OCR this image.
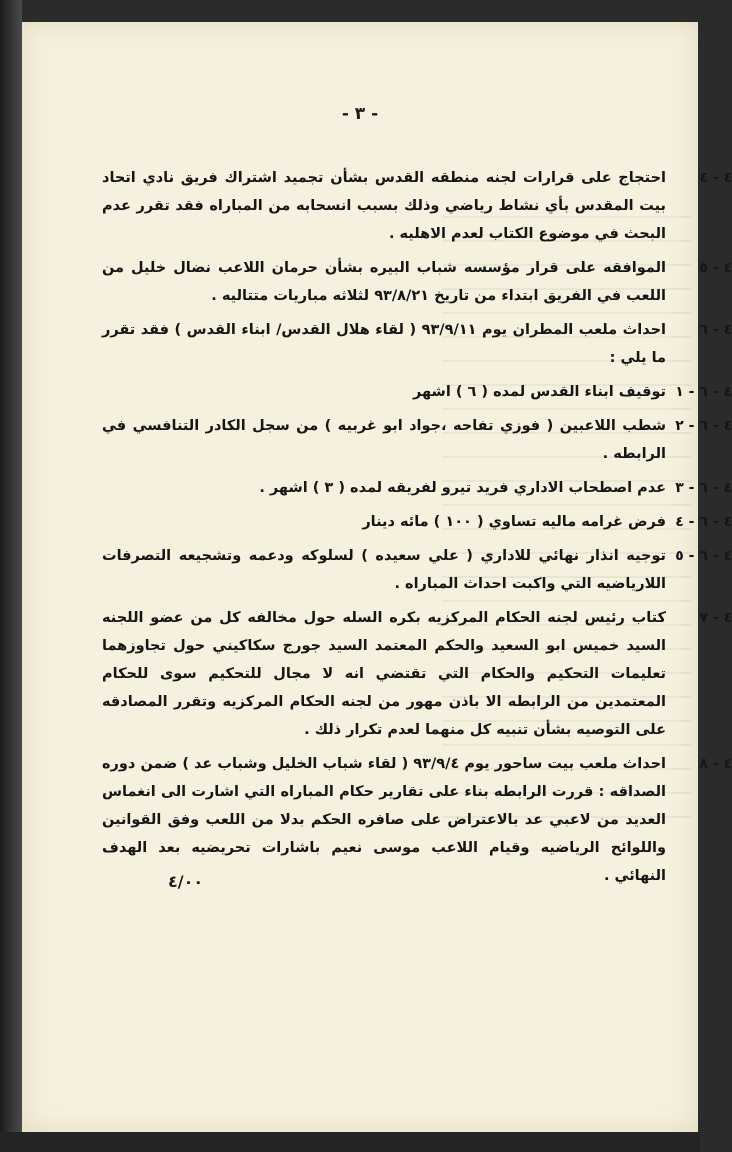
- ٣ -
٤ - ٤
احتجاج على قرارات لجنه منطقه القدس بشأن تجميد اشتراك فريق نادي اتحاد بيت المقدس بأي نشاط رياضي وذلك بسبب انسحابه من المباراه فقد تقرر عدم البحث في موضوع الكتاب لعدم الاهليه .
٤ - ٥
الموافقه على قرار مؤسسه شباب البيره بشأن حرمان اللاعب نضال خليل من اللعب في الفريق ابتداء من تاريخ ٩٣/٨/٢١ لثلاثه مباريات متتاليه .
٤ - ٦
احداث ملعب المطران يوم ٩٣/٩/١١ ( لقاء هلال القدس/ ابناء القدس ) فقد تقرر ما يلي :
٤ - ٦ - ١
توقيف ابناء القدس لمده ( ٦ ) اشهر
٤ - ٦ - ٢
شطب اللاعبين ( فوزي تفاحه ،جواد ابو غربيه ) من سجل الكادر التنافسي في الرابطه .
٤ - ٦ - ٣
عدم اصطحاب الاداري فريد تيرو لفريقه لمده ( ٣ ) اشهر .
٤ - ٦ - ٤
فرض غرامه ماليه تساوي ( ١٠٠ ) مائه دينار
٤ - ٦ - ٥
توجيه انذار نهائي للاداري ( علي سعيده ) لسلوكه ودعمه وتشجيعه التصرفات اللارياضيه التي واكبت احداث المباراه .
٤ - ٧
كتاب رئيس لجنه الحكام المركزيه بكره السله حول مخالفه كل من عضو اللجنه السيد خميس ابو السعيد والحكم المعتمد السيد جورج سكاكيني حول تجاوزهما تعليمات التحكيم والحكام التي تقتضي انه لا مجال للتحكيم سوى للحكام المعتمدين من الرابطه الا باذن مهور من لجنه الحكام المركزيه وتقرر المصادقه على التوصيه بشأن تنبيه كل منهما لعدم تكرار ذلك .
٤ - ٨
احداث ملعب بيت ساحور يوم ٩٣/٩/٤ ( لقاء شباب الخليل وشباب عد ) ضمن دوره الصداقه : قررت الرابطه بناء على تقارير حكام المباراه التي اشارت الى انغماس العديد من لاعبي عد بالاعتراض على صافره الحكم بدلا من اللعب وفق القوانين واللوائح الرياضيه وقيام اللاعب موسى نعيم باشارات تحريضيه بعد الهدف النهائي .
٤/٠٠
